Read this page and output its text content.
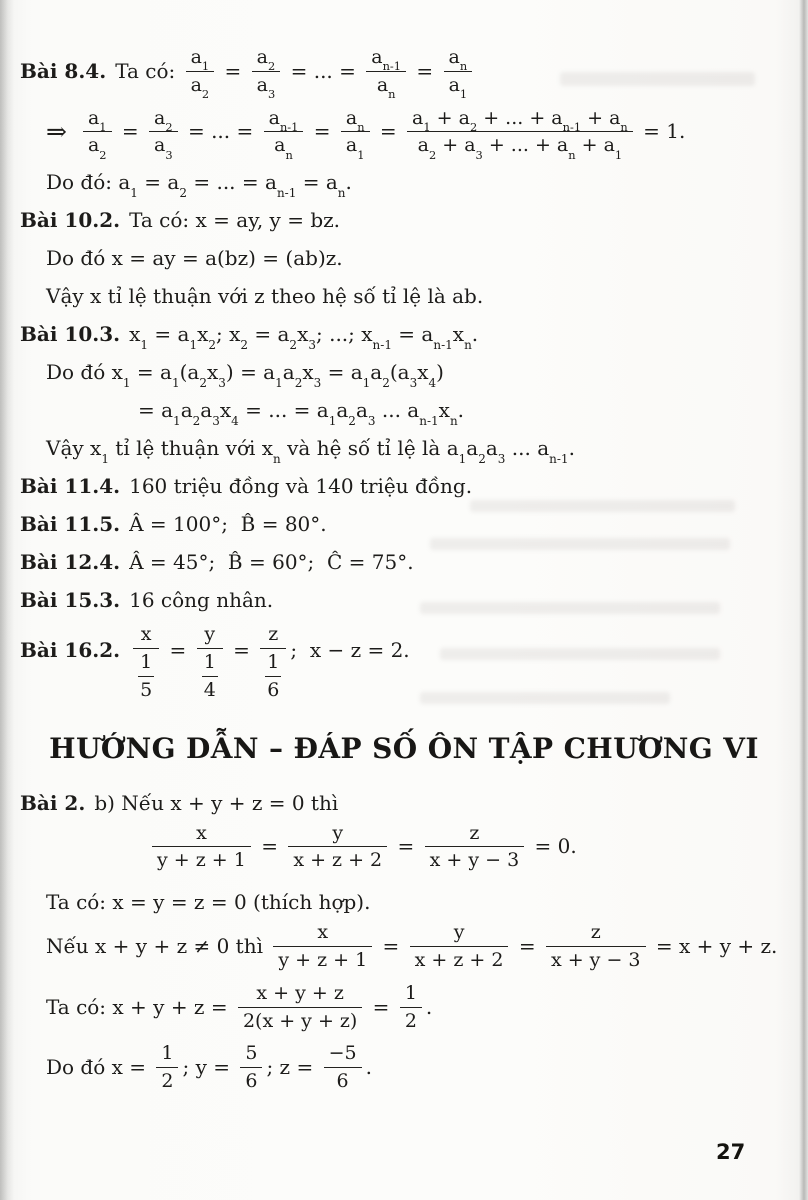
Bài 8.4. Ta có: $\frac{a_1}{a_2} = \frac{a_2}{a_3}$ = ... = $\frac{a_{n-1}}{a_n} = \frac{a_n}{a_1}$
⇒ $\frac{a_1}{a_2} = \frac{a_2}{a_3}$ = ... = $\frac{a_{n-1}}{a_n} = \frac{a_n}{a_1} = \frac{a_1 + a_2 + ... + a_{n-1} + a_n}{a_2 + a_3 + ... + a_n + a_1} = 1$.
Do đó: $a_1 = a_2$ = ... = $a_{n-1} = a_n$.
Bài 10.2. Ta có: x = ay, y = bz.
Do đó x = ay = a(bz) = (ab)z.
Vậy x tỉ lệ thuận với z theo hệ số tỉ lệ là ab.
Bài 10.3. $x_1 = a_1x_2$; $x_2 = a_2x_3$; ...; $x_{n-1} = a_{n-1}x_n$.
Do đó $x_1 = a_1(a_2x_3) = a_1a_2x_3 = a_1a_2(a_3x_4)$
= $a_1a_2a_3x_4$ = ... = $a_1a_2a_3$ ... $a_{n-1}x_n$.
Vậy $x_1$ tỉ lệ thuận với $x_n$ và hệ số tỉ lệ là $a_1a_2a_3$ ... $a_{n-1}$.
Bài 11.4. 160 triệu đồng và 140 triệu đồng.
Bài 11.5. Â = 100°;  B̂ = 80°.
Bài 12.4. Â = 45°;  B̂ = 60°;  Ĉ = 75°.
Bài 15.3. 16 công nhân.
Bài 16.2. $\frac{x}{\frac{1}{5}} = \frac{y}{\frac{1}{4}} = \frac{z}{\frac{1}{6}}$ ;  x − z = 2.
HƯỚNG DẪN – ĐÁP SỐ ÔN TẬP CHƯƠNG VI
Bài 2. b) Nếu x + y + z = 0 thì
$\frac{x}{y + z + 1} = \frac{y}{x + z + 2} = \frac{z}{x + y - 3} = 0$.
Ta có: x = y = z = 0 (thích hợp).
Nếu x + y + z ≠ 0 thì $\frac{x}{y + z + 1} = \frac{y}{x + z + 2} = \frac{z}{x + y - 3} = x + y + z$.
Ta có: $x + y + z = \frac{x + y + z}{2(x + y + z)} = \frac{1}{2}$ .
Do đó $x = \frac{1}{2}$ ; $y = \frac{5}{6}$ ; $z = \frac{-5}{6}$ .
27
